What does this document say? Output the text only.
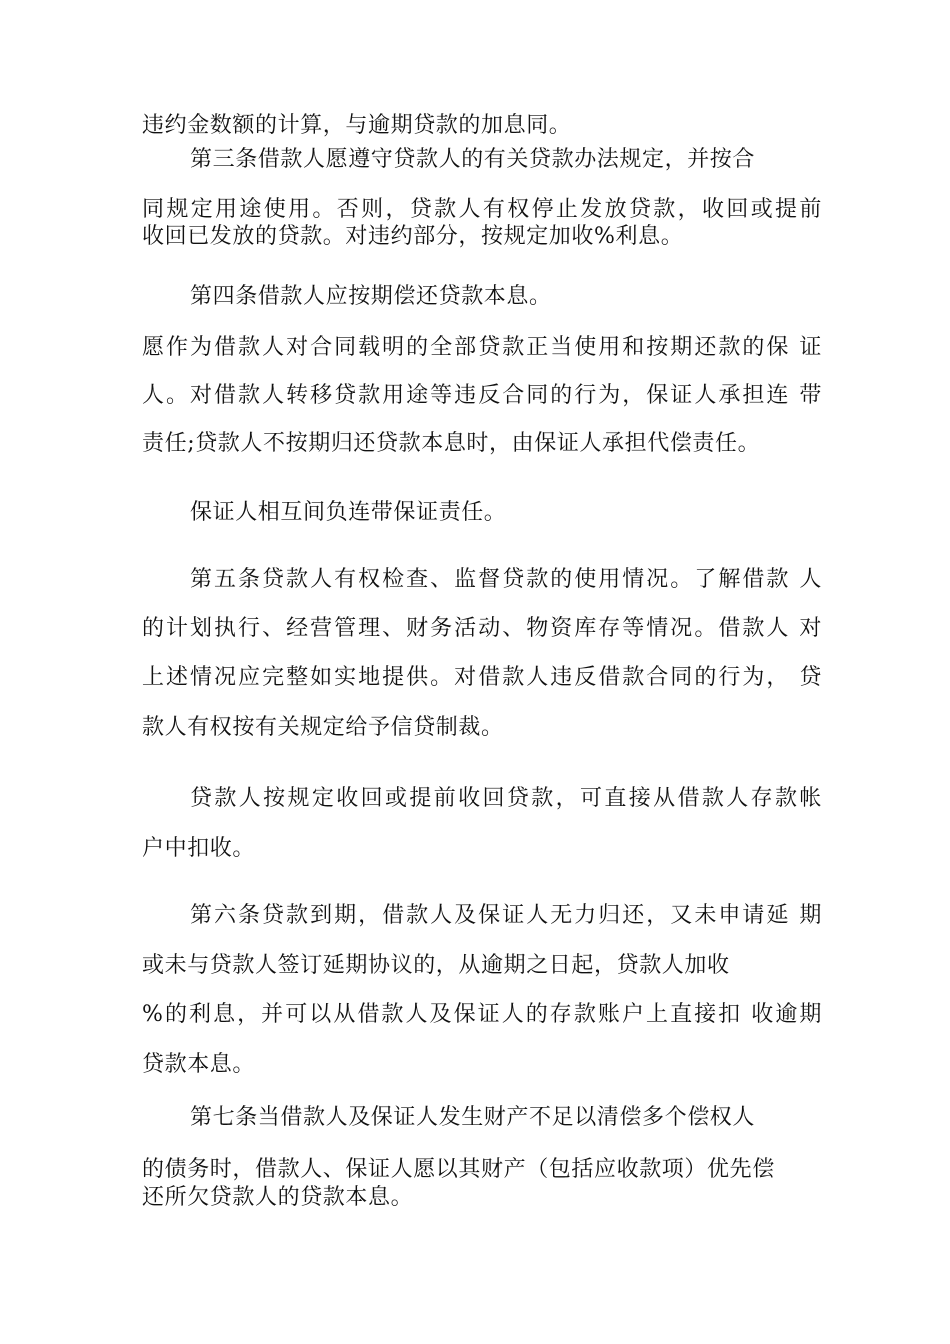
违约金数额的计算，与逾期贷款的加息同。
第三条借款人愿遵守贷款人的有关贷款办法规定，并按合
同规定用途使用。否则，贷款人有权停止发放贷款，收回或提前
收回已发放的贷款。对违约部分，按规定加收%利息。
第四条借款人应按期偿还贷款本息。
愿作为借款人对合同载明的全部贷款正当使用和按期还款的保 证
人。对借款人转移贷款用途等违反合同的行为，保证人承担连 带
责任;贷款人不按期归还贷款本息时，由保证人承担代偿责任。
保证人相互间负连带保证责任。
第五条贷款人有权检查、监督贷款的使用情况。了解借款 人
的计划执行、经营管理、财务活动、物资库存等情况。借款人 对
上述情况应完整如实地提供。对借款人违反借款合同的行为， 贷
款人有权按有关规定给予信贷制裁。
贷款人按规定收回或提前收回贷款，可直接从借款人存款帐
户中扣收。
第六条贷款到期，借款人及保证人无力归还，又未申请延 期
或未与贷款人签订延期协议的，从逾期之日起，贷款人加收
%的利息，并可以从借款人及保证人的存款账户上直接扣 收逾期
贷款本息。
第七条当借款人及保证人发生财产不足以清偿多个偿权人
的债务时，借款人、保证人愿以其财产（包括应收款项）优先偿
还所欠贷款人的贷款本息。
